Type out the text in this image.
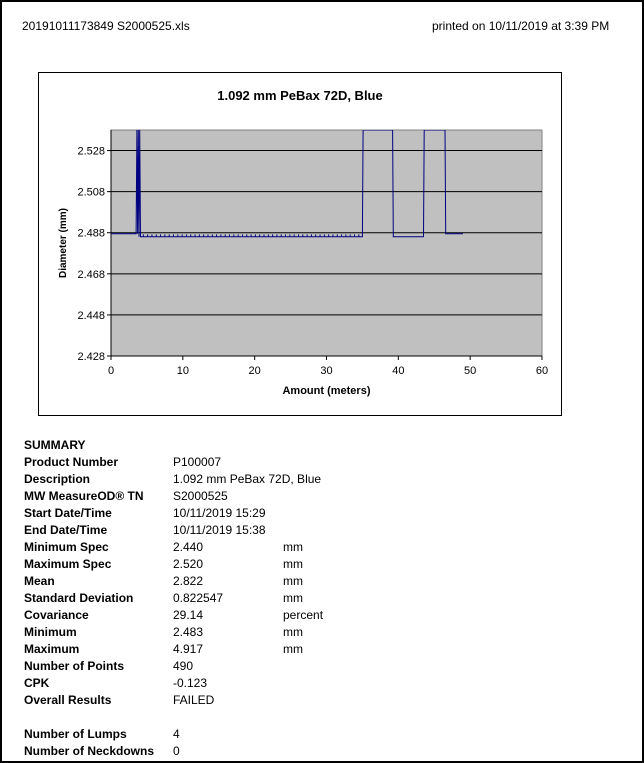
20191011173849 S2000525.xls	printed on 10/11/2019 at 3:39 PM
2.428
2.448
2.468
2.488
2.508
2.528
0	10	20	30	40	50	60
1.092 mm PeBax 72D, Blue
Amount (meters)
Diameter (mm)
SUMMARY
Product Number	P100007
Description	1.092 mm PeBax 72D, Blue
MW MeasureOD® TN S2000525
Start Date/Time	10/11/2019 15:29
End Date/Time	10/11/2019 15:38
Minimum Spec	2.440	mm
Maximum Spec	2.520	mm
Mean	2.822	mm
Standard Deviation	0.822547	mm
Covariance	29.14	percent
Minimum	2.483	mm
Maximum	4.917	mm
Number of Points	490
CPK	-0.123
Overall Results	FAILED
Number of Lumps	4
Number of Neckdowns 0
